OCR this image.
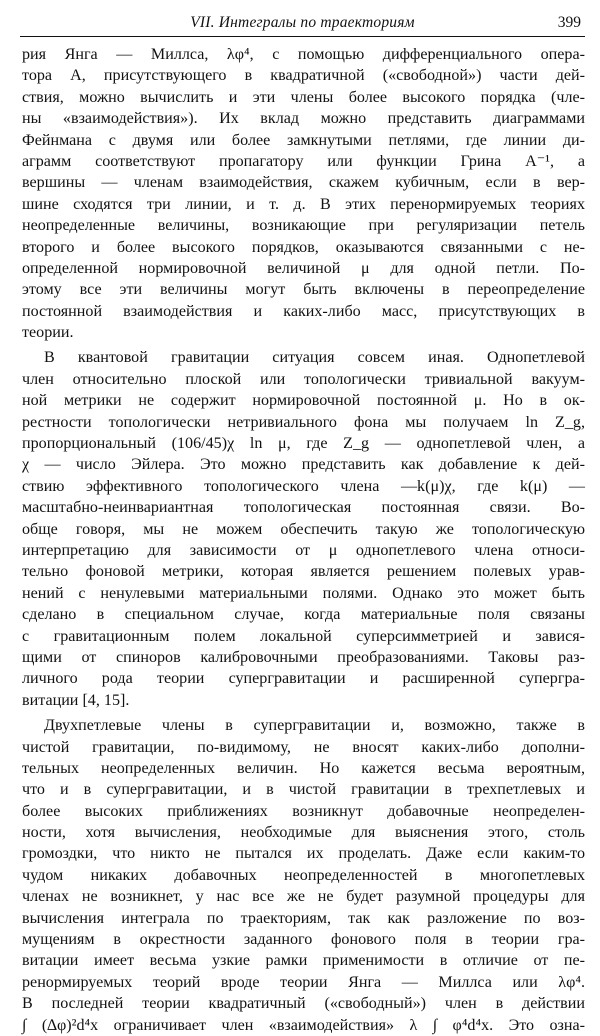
VII. Интегралы по траекториям	399
рия Янга — Миллса, λφ⁴, с помощью дифференциального опера-
тора A, присутствующего в квадратичной («свободной») части дей-
ствия, можно вычислить и эти члены более высокого порядка (чле-
ны «взаимодействия»). Их вклад можно представить диаграммами
Фейнмана с двумя или более замкнутыми петлями, где линии ди-
аграмм соответствуют пропагатору или функции Грина A⁻¹, а
вершины — членам взаимодействия, скажем кубичным, если в вер-
шине сходятся три линии, и т. д. В этих перенормируемых теориях
неопределенные величины, возникающие при регуляризации петель
второго и более высокого порядков, оказываются связанными с не-
определенной нормировочной величиной μ для одной петли. По-
этому все эти величины могут быть включены в переопределение
постоянной взаимодействия и каких-либо масс, присутствующих в
теории.
В квантовой гравитации ситуация совсем иная. Однопетлевой
член относительно плоской или топологически тривиальной вакуум-
ной метрики не содержит нормировочной постоянной μ. Но в ок-
рестности топологически нетривиального фона мы получаем ln Z_g,
пропорциональный (106/45)χ ln μ, где Z_g — однопетлевой член, а
χ — число Эйлера. Это можно представить как добавление к дей-
ствию эффективного топологического члена —k(μ)χ, где k(μ) —
масштабно-неинвариантная топологическая постоянная связи. Во-
обще говоря, мы не можем обеспечить такую же топологическую
интерпретацию для зависимости от μ однопетлевого члена относи-
тельно фоновой метрики, которая является решением полевых урав-
нений с ненулевыми материальными полями. Однако это может быть
сделано в специальном случае, когда материальные поля связаны
с гравитационным полем локальной суперсимметрией и завися-
щими от спиноров калибровочными преобразованиями. Таковы раз-
личного рода теории супергравитации и расширенной супергра-
витации [4, 15].
Двухпетлевые члены в супергравитации и, возможно, также в
чистой гравитации, по-видимому, не вносят каких-либо дополни-
тельных неопределенных величин. Но кажется весьма вероятным,
что и в супергравитации, и в чистой гравитации в трехпетлевых и
более высоких приближениях возникнут добавочные неопределен-
ности, хотя вычисления, необходимые для выяснения этого, столь
громоздки, что никто не пытался их проделать. Даже если каким-то
чудом никаких добавочных неопределенностей в многопетлевых
членах не возникнет, у нас все же не будет разумной процедуры для
вычисления интеграла по траекториям, так как разложение по воз-
мущениям в окрестности заданного фонового поля в теории гра-
витации имеет весьма узкие рамки применимости в отличие от пе-
ренормируемых теорий вроде теории Янга — Миллса или λφ⁴.
В последней теории квадратичный («свободный») член в действии
∫ (∆φ)²d⁴x ограничивает член «взаимодействия» λ ∫ φ⁴d⁴x. Это озна-
